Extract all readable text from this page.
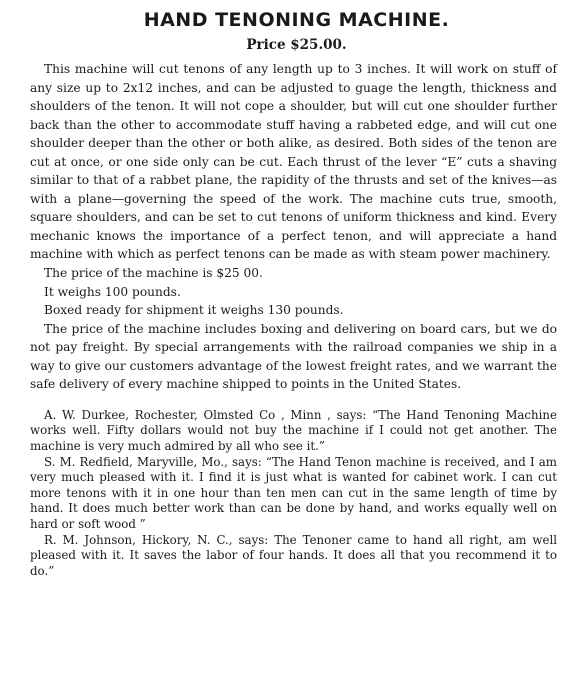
HAND TENONING MACHINE.
Price $25.00.

This machine will cut tenons of any length up to 3 inches. It will work on stuff of any size up to 2x12 inches, and can be adjusted to guage the length, thickness and shoulders of the tenon. It will not cope a shoulder, but will cut one shoulder further back than the other to accommodate stuff having a rabbeted edge, and will cut one shoulder deeper than the other or both alike, as desired. Both sides of the tenon are cut at once, or one side only can be cut. Each thrust of the lever “E” cuts a shaving similar to that of a rabbet plane, the rapidity of the thrusts and set of the knives—as with a plane—governing the speed of the work. The machine cuts true, smooth, square shoulders, and can be set to cut tenons of uniform thickness and kind. Every mechanic knows the importance of a perfect tenon, and will appreciate a hand machine with which as perfect tenons can be made as with steam power machinery.

The price of the machine is $25 00.

It weighs 100 pounds.

Boxed ready for shipment it weighs 130 pounds.

The price of the machine includes boxing and delivering on board cars, but we do not pay freight. By special arrangements with the railroad companies we ship in a way to give our customers advantage of the lowest freight rates, and we warrant the safe delivery of every machine shipped to points in the United States.

A. W. Durkee, Rochester, Olmsted Co , Minn , says: “The Hand Tenoning Machine works well. Fifty dollars would not buy the machine if I could not get another. The machine is very much admired by all who see it.”

S. M. Redfield, Maryville, Mo., says: “The Hand Tenon machine is received, and I am very much pleased with it. I find it is just what is wanted for cabinet work. I can cut more tenons with it in one hour than ten men can cut in the same length of time by hand. It does much better work than can be done by hand, and works equally well on hard or soft wood ”

R. M. Johnson, Hickory, N. C., says: The Tenoner came to hand all right, am well pleased with it. It saves the labor of four hands. It does all that you recommend it to do.”
